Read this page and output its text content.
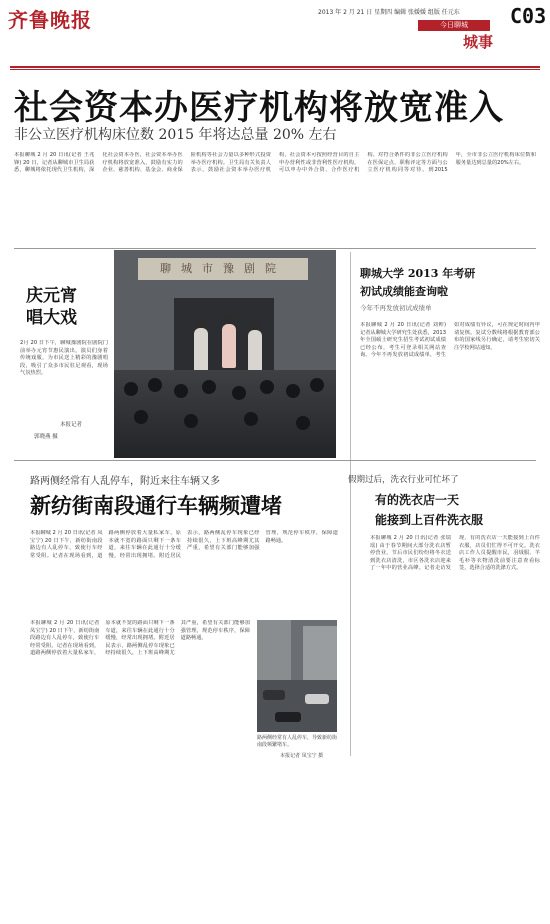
齐鲁晚报	2013 年 2 月 21 日 星期四 编辑 张媛媛 组版 任元东	C03
今日聊城
城事
社会资本办医疗机构将放宽准入
非公立医疗机构床位数 2015 年将达总量 20% 左右
本报聊城 2 月 20 日讯(记者 王兆锋) 20 日，记者从聊城市卫生局获悉，聊城将依托现代卫生机构，深化社会资本办医，社会资本举办医疗机构将放宽准入，鼓励有实力的企业、慈善机构、基金会、商业保险机构等社会力量以多种形式投资举办医疗机构。卫生局有关负责人表示，鼓励社会资本举办医疗机构，社会资本可按照经营目的自主申办营利性或非营利性医疗机构，可以申办中外合资、合作医疗机构。对符合条件的非公立医疗机构在医保定点、职称评定等方面与公立医疗机构同等对待。到2015年，全市非公立医疗机构床位数和服务量达到总量的20%左右。
聊城市豫剧院
庆元宵
唱大戏
2月 20 日下午，聊城豫剧院在剧院门前举办元宵节惠民演出，演员们身着传统戏服，为市民送上精彩的豫剧唱段，吸引了众多市民驻足观看，现场气氛热烈。
本报记者
郭晓燕 摄
聊城大学 2013 年考研
初试成绩能查询啦
今年不再发放初试成绩单
本报聊城 2 月 20 日讯(记者 刘帅) 记者从聊城大学研究生处获悉，2013年全国硕士研究生招生考试初试成绩已经公布，考生可登录相关网站查询。今年不再发放初试成绩单，考生如对成绩有异议，可在规定时间内申请复核。复试分数线将根据教育部公布的国家线另行确定，请考生密切关注学校网站通知。
路两侧经常有人乱停车，附近来往车辆又多
新纺街南段通行车辆频遭堵
本报聊城 2 月 20 日讯(记者 凤宝宁) 20 日下午，新纺街南段路边有人乱停车，致使行车经常受阻。记者在现场看到，道路两侧停放着大量私家车，原本就不宽的路面只剩下一条车道，来往车辆在此通行十分缓慢，经常出现拥堵。附近居民表示，路两侧乱停车现象已经持续很久，上下班高峰期尤其严重，希望有关部门能够加强管理，规范停车秩序，保障道路畅通。
本报聊城 2 月 20 日讯(记者 凤宝宁) 20 日下午，新纺街南段路边有人乱停车，致使行车经常受阻。记者在现场看到，道路两侧停放着大量私家车，原本就不宽的路面只剩下一条车道，来往车辆在此通行十分缓慢，经常出现拥堵。附近居民表示，路两侧乱停车现象已经持续很久，上下班高峰期尤其严重，希望有关部门能够加强管理，规范停车秩序，保障道路畅通。
路两侧经常有人乱停车，导致新纺街南段频繁堵车。
本报记者 凤宝宁 摄
假期过后，洗衣行业可忙坏了
有的洗衣店一天
能接到上百件洗衣服
本报聊城 2 月 20 日讯(记者 张瑞瑶) 由于春节期间大部分洗衣店暂停营业，节后市民们纷纷将冬衣送到洗衣店清洗，市区各洗衣店迎来了一年中的营业高峰。记者走访发现，有的洗衣店一天能接到上百件衣服，店员们忙得不可开交。洗衣店工作人员提醒市民，羽绒服、羊毛衫等衣物清洗前要注意查看标签，选择合适的洗涤方式。
